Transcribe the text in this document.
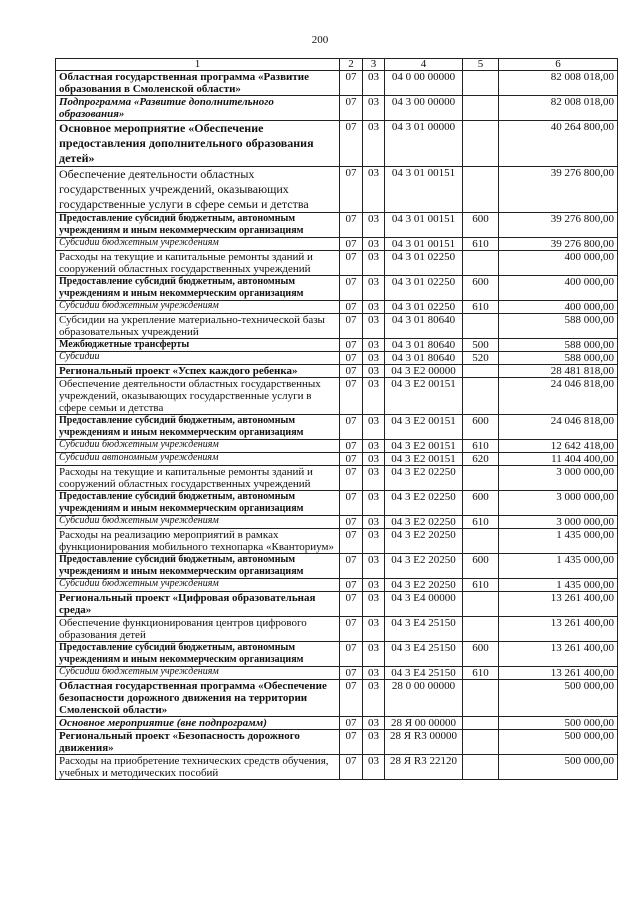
200
1	2	3	4	5	6
Областная государственная программа «Развитие образования в Смоленской области»	07	03	04 0 00 00000		82 008 018,00
Подпрограмма «Развитие дополнительного образования»	07	03	04 3 00 00000		82 008 018,00
Основное мероприятие «Обеспечение предоставления дополнительного образования детей»	07	03	04 3 01 00000		40 264 800,00
Обеспечение деятельности областных государственных учреждений, оказывающих государственные услуги в сфере семьи и детства	07	03	04 3 01 00151		39 276 800,00
Предоставление субсидий бюджетным, автономным учреждениям и иным некоммерческим организациям	07	03	04 3 01 00151	600	39 276 800,00
Субсидии бюджетным учреждениям	07	03	04 3 01 00151	610	39 276 800,00
Расходы на текущие и капитальные ремонты зданий и сооружений областных государственных учреждений	07	03	04 3 01 02250		400 000,00
Предоставление субсидий бюджетным, автономным учреждениям и иным некоммерческим организациям	07	03	04 3 01 02250	600	400 000,00
Субсидии бюджетным учреждениям	07	03	04 3 01 02250	610	400 000,00
Субсидии на укрепление материально-технической базы образовательных учреждений	07	03	04 3 01 80640		588 000,00
Межбюджетные трансферты	07	03	04 3 01 80640	500	588 000,00
Субсидии	07	03	04 3 01 80640	520	588 000,00
Региональный проект «Успех каждого ребенка»	07	03	04 3 E2 00000		28 481 818,00
Обеспечение деятельности областных государственных учреждений, оказывающих государственные услуги в сфере семьи и детства	07	03	04 3 E2 00151		24 046 818,00
Предоставление субсидий бюджетным, автономным учреждениям и иным некоммерческим организациям	07	03	04 3 E2 00151	600	24 046 818,00
Субсидии бюджетным учреждениям	07	03	04 3 E2 00151	610	12 642 418,00
Субсидии автономным учреждениям	07	03	04 3 E2 00151	620	11 404 400,00
Расходы на текущие и капитальные ремонты зданий и сооружений областных государственных учреждений	07	03	04 3 E2 02250		3 000 000,00
Предоставление субсидий бюджетным, автономным учреждениям и иным некоммерческим организациям	07	03	04 3 E2 02250	600	3 000 000,00
Субсидии бюджетным учреждениям	07	03	04 3 E2 02250	610	3 000 000,00
Расходы на реализацию мероприятий в рамках функционирования мобильного технопарка «Кванториум»	07	03	04 3 E2 20250		1 435 000,00
Предоставление субсидий бюджетным, автономным учреждениям и иным некоммерческим организациям	07	03	04 3 E2 20250	600	1 435 000,00
Субсидии бюджетным учреждениям	07	03	04 3 E2 20250	610	1 435 000,00
Региональный проект «Цифровая образовательная среда»	07	03	04 3 E4 00000		13 261 400,00
Обеспечение функционирования центров цифрового образования детей	07	03	04 3 E4 25150		13 261 400,00
Предоставление субсидий бюджетным, автономным учреждениям и иным некоммерческим организациям	07	03	04 3 E4 25150	600	13 261 400,00
Субсидии бюджетным учреждениям	07	03	04 3 E4 25150	610	13 261 400,00
Областная государственная программа «Обеспечение безопасности дорожного движения на территории Смоленской области»	07	03	28 0 00 00000		500 000,00
Основное мероприятие (вне подпрограмм)	07	03	28 Я 00 00000		500 000,00
Региональный проект «Безопасность дорожного движения»	07	03	28 Я R3 00000		500 000,00
Расходы на приобретение технических средств обучения, учебных и методических пособий	07	03	28 Я R3 22120		500 000,00
